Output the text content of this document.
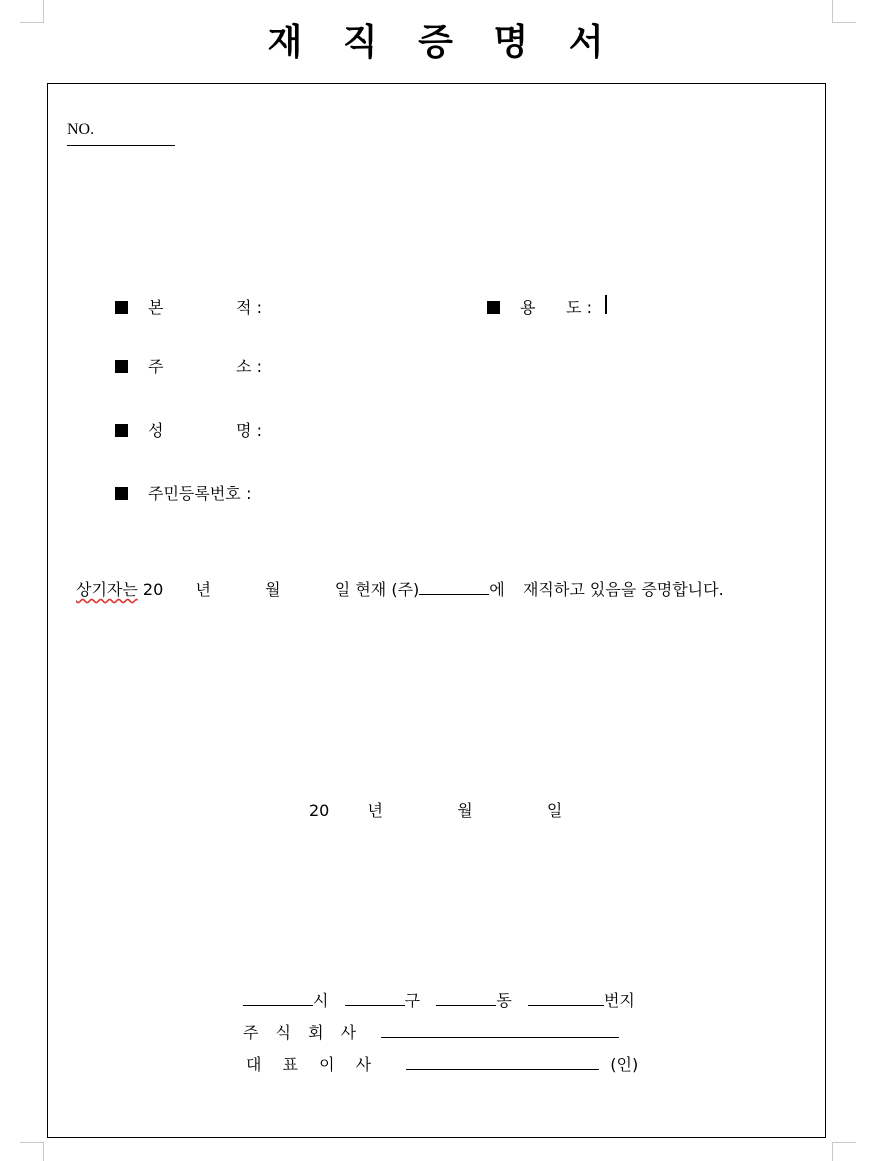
재 직 증 명 서
NO.
본	적 :	용 도 :
주	소 :
성	명 :
주민등록번호 :
상기자는 20 년	월	일 현재 (주)	에 재직하고 있음을 증명합니다.
20 년	월	일
시	구	동	번지
주 식 회 사
대 표 이 사	(인)
